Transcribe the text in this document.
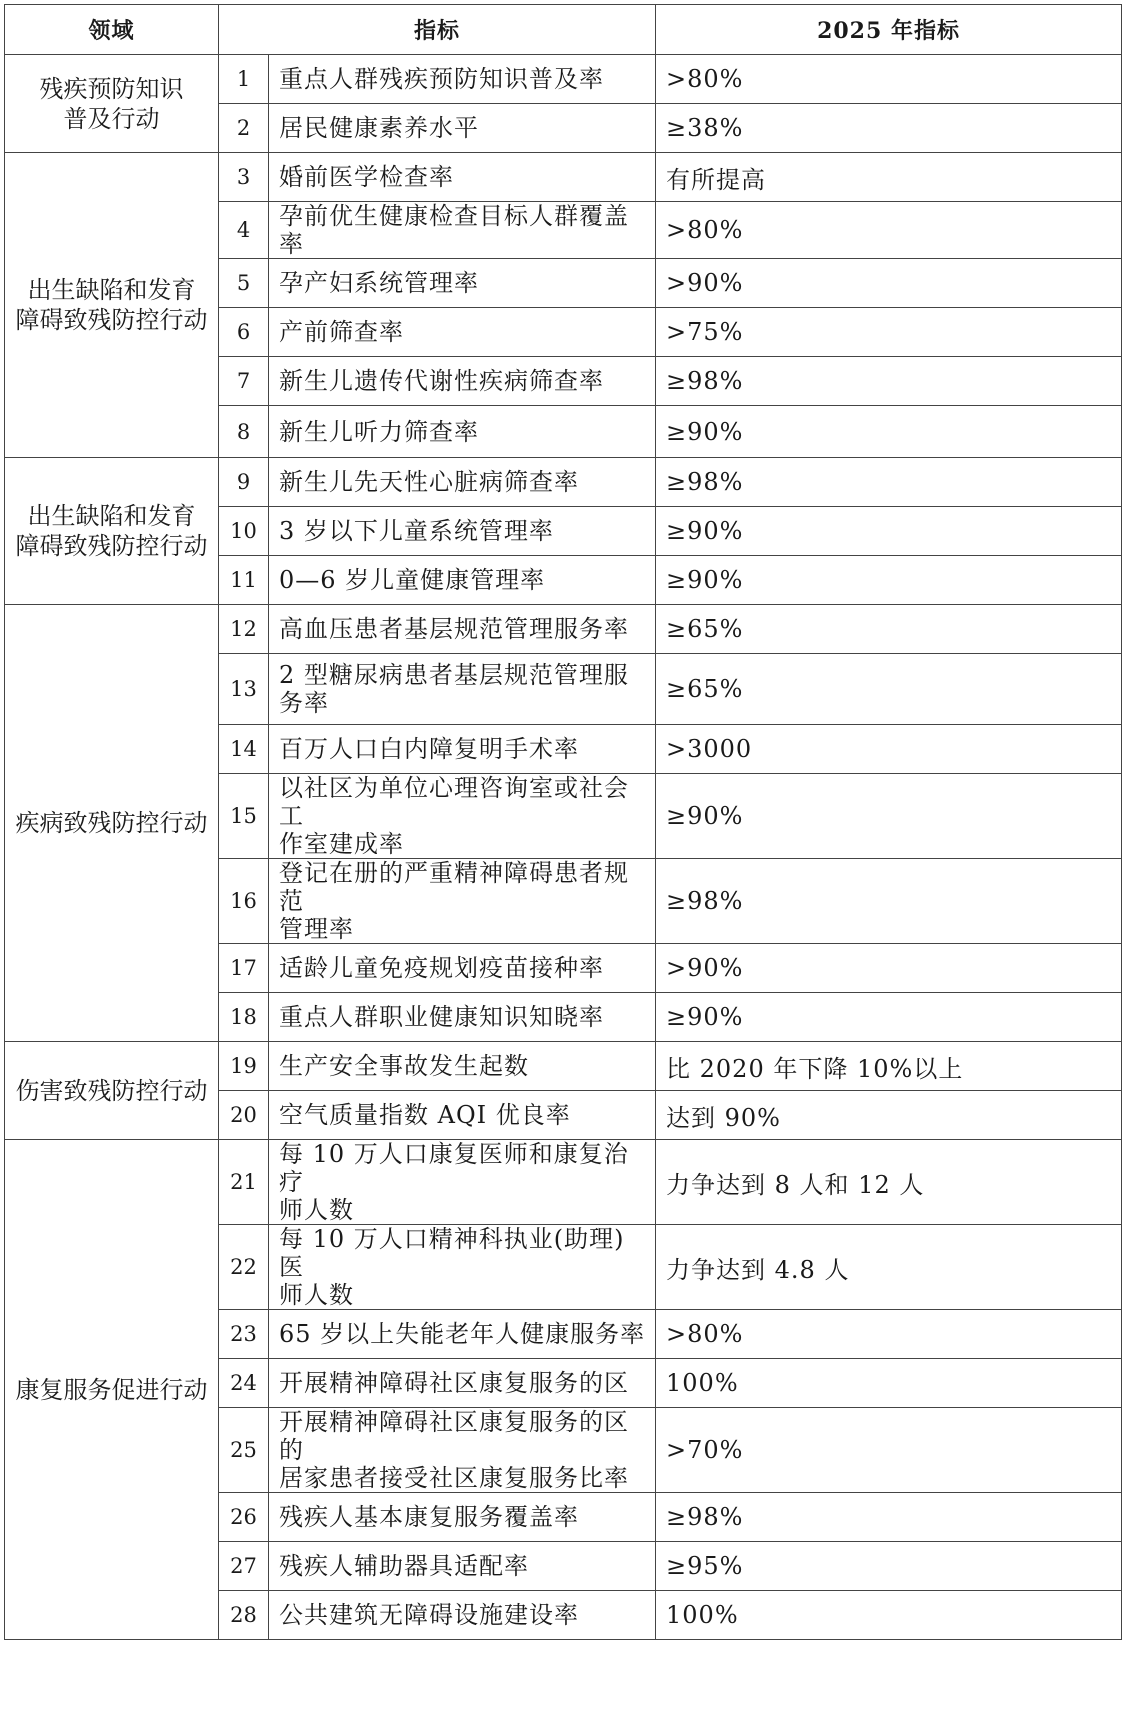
领域	指标		2025 年指标

残疾预防知识
普及行动	1	重点人群残疾预防知识普及率	>80%
	2	居民健康素养水平	≥38%

出生缺陷和发育
障碍致残防控行动	3	婚前医学检查率	有所提高
	4	孕前优生健康检查目标人群覆盖率	>80%
	5	孕产妇系统管理率	>90%
	6	产前筛查率	>75%
	7	新生儿遗传代谢性疾病筛查率	≥98%
	8	新生儿听力筛查率	≥90%

出生缺陷和发育
障碍致残防控行动	9	新生儿先天性心脏病筛查率	≥98%
	10	3 岁以下儿童系统管理率	≥90%
	11	0—6 岁儿童健康管理率	≥90%

疾病致残防控行动	12	高血压患者基层规范管理服务率	≥65%
	13	2 型糖尿病患者基层规范管理服
务率	≥65%
	14	百万人口白内障复明手术率	>3000
	15	以社区为单位心理咨询室或社会工
作室建成率	≥90%
	16	登记在册的严重精神障碍患者规范
管理率	≥98%
	17	适龄儿童免疫规划疫苗接种率	>90%
	18	重点人群职业健康知识知晓率	≥90%

伤害致残防控行动	19	生产安全事故发生起数	比 2020 年下降 10%以上
	20	空气质量指数 AQI 优良率	达到 90%

康复服务促进行动	21	每 10 万人口康复医师和康复治疗
师人数	力争达到 8 人和 12 人
	22	每 10 万人口精神科执业(助理)医
师人数	力争达到 4.8 人
	23	65 岁以上失能老年人健康服务率	>80%
	24	开展精神障碍社区康复服务的区	100%
	25	开展精神障碍社区康复服务的区的
居家患者接受社区康复服务比率	>70%
	26	残疾人基本康复服务覆盖率	≥98%
	27	残疾人辅助器具适配率	≥95%
	28	公共建筑无障碍设施建设率	100%
